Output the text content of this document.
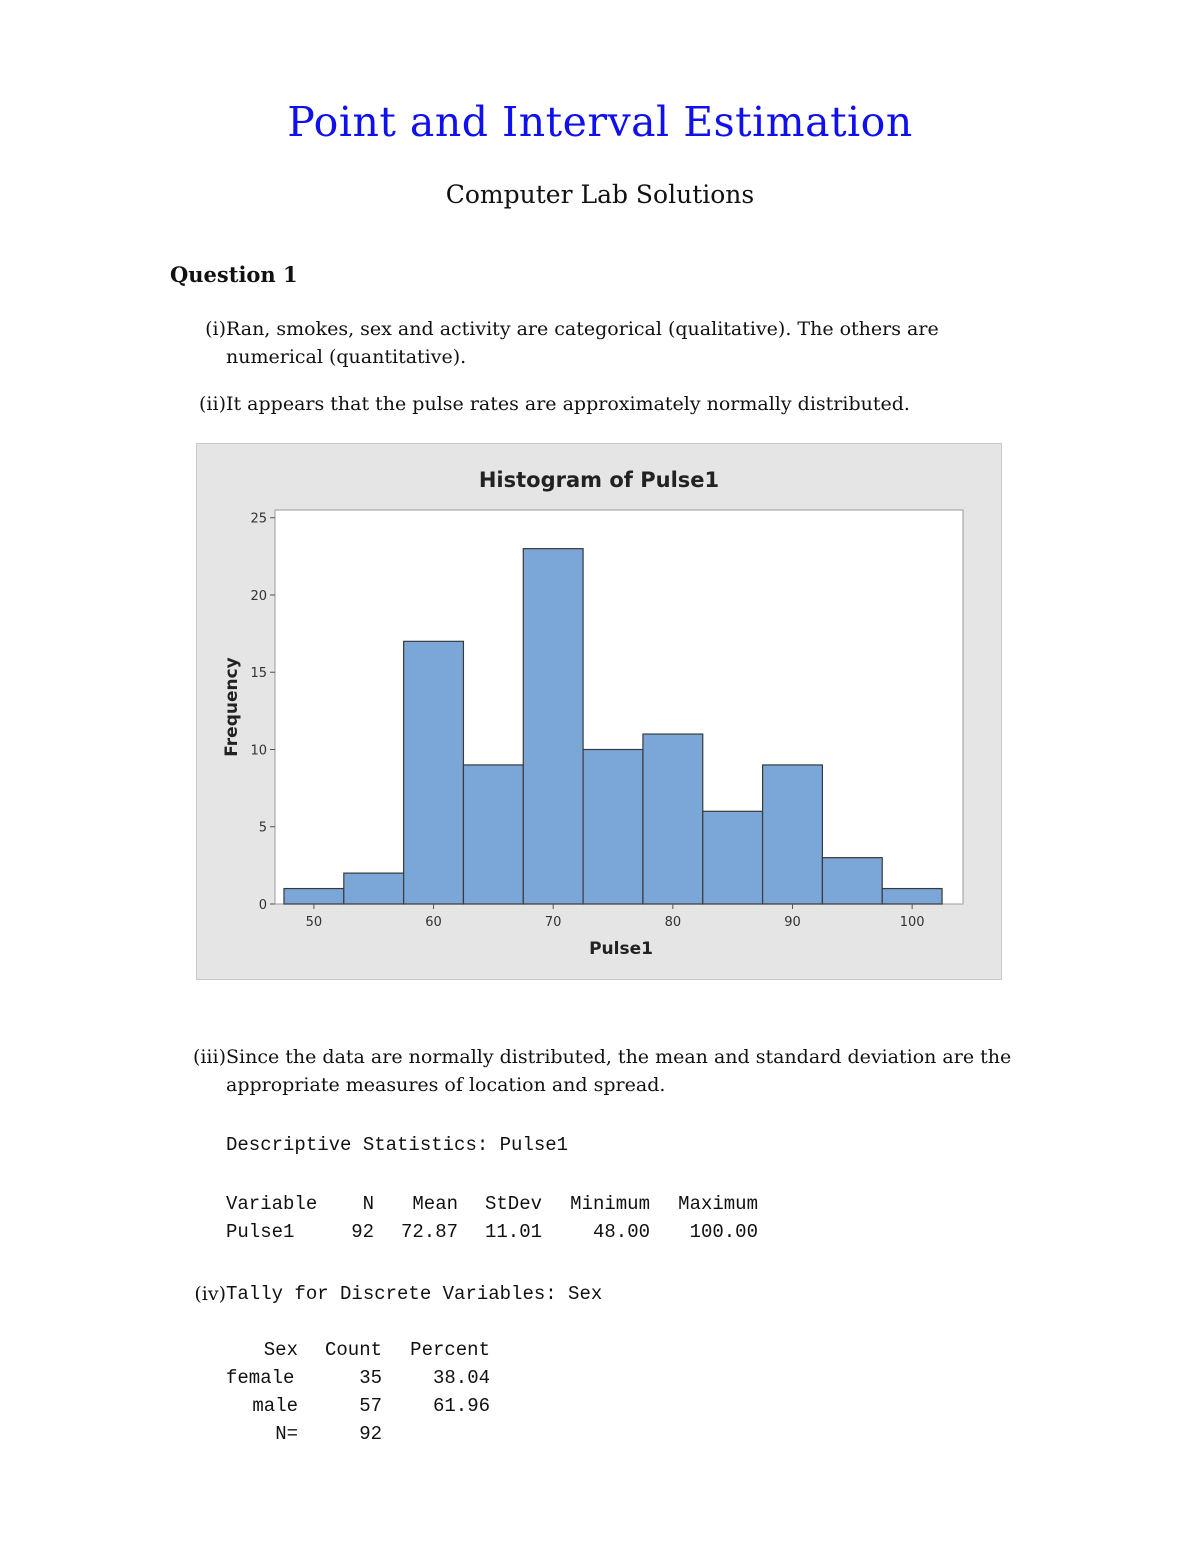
Point and Interval Estimation
Computer Lab Solutions
Question 1
(i) Ran, smokes, sex and activity are categorical (qualitative). The others are numerical (quantitative).
(ii) It appears that the pulse rates are approximately normally distributed.
Histogram of Pulse1
50	60	70	80	90	100
0
5
10
15
20
25
Pulse1
Frequency
(iii) Since the data are normally distributed, the mean and standard deviation are the appropriate measures of location and spread.
Descriptive Statistics: Pulse1
Variable	N	Mean	StDev	Minimum	Maximum
Pulse1	92	72.87	11.01	48.00	100.00
(iv) Tally for Discrete Variables: Sex
Sex	Count	Percent
female	35	38.04
male	57	61.96
N=	92	
